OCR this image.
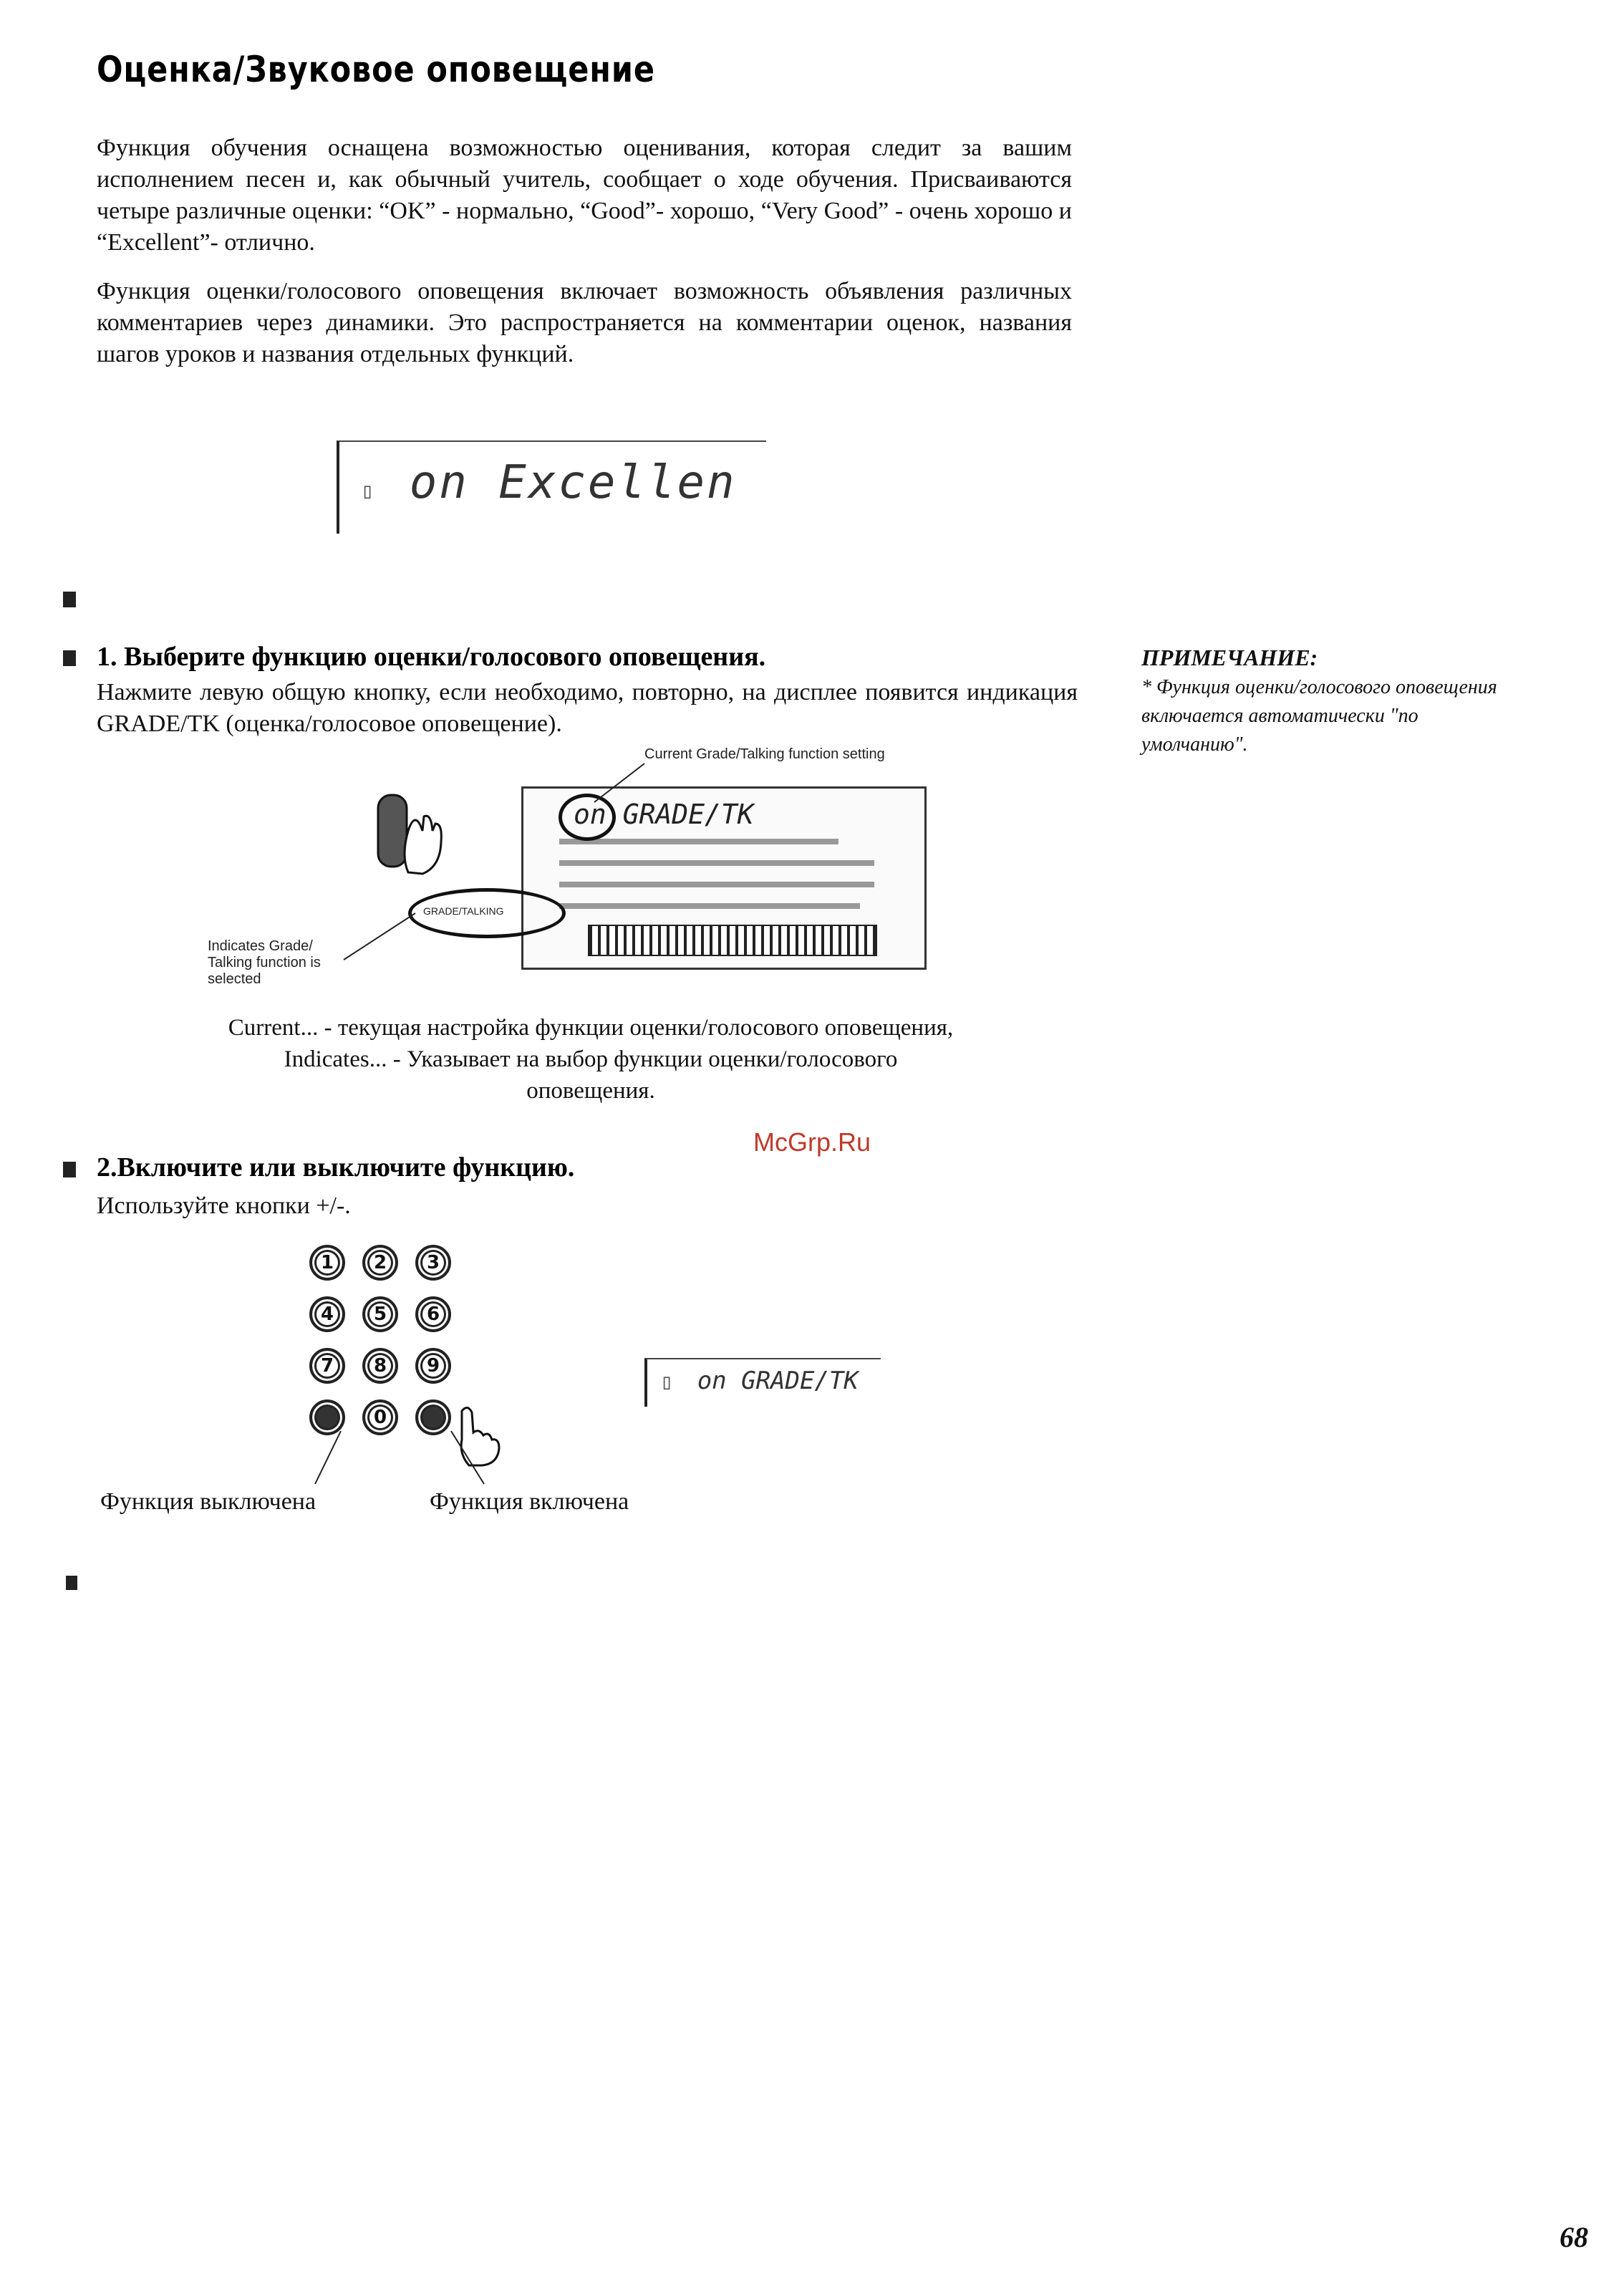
Оценка/Звуковое оповещение
Функция обучения оснащена возможностью оценивания, которая следит за вашим исполнением песен и, как обычный учитель, сообщает о ходе обучения. Присваиваются четыре различные оценки: “OK” - нормально, “Good”- хорошо, “Very Good” - очень хорошо и “Excellent”- отлично.
Функция оценки/голосового оповещения включает возможность объявления различных комментариев через динамики. Это распространяется на комментарии оценок, названия шагов уроков и названия отдельных функций.
▯ on Excellen
1. Выберите функцию оценки/голосового оповещения.
Нажмите левую общую кнопку, если необходимо, повторно, на дисплее появится индикация GRADE/TK (оценка/голосовое оповещение).
ПРИМЕЧАНИЕ:
* Функция оценки/голосового оповещения включается автоматически "по умолчанию".
Current Grade/Talking function setting
on GRADE/TK
GRADE/TALKING
Indicates Grade/ Talking function is selected
Current... - текущая настройка функции оценки/голосового оповещения,
Indicates... - Указывает на выбор функции оценки/голосового
оповещения.
McGrp.Ru
2.Включите или выключите функцию.
Используйте кнопки +/-.
1	2	3
4	5	6
7	8	9
-	0	+
Функция выключена	Функция включена
▯ on GRADE/TK
68
